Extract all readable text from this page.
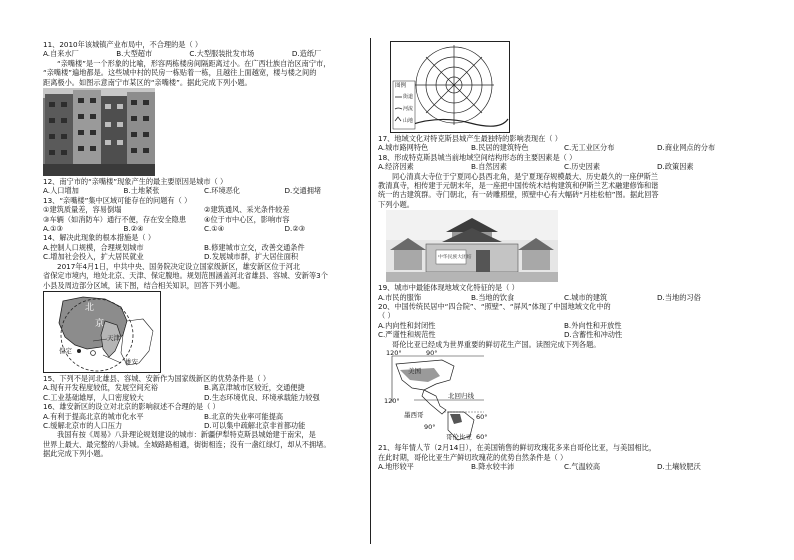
11、2010年该城镇产业布局中，不合理的是（ ）
A.自来水厂	B.大型超市	C.大型服装批发市场	D.造纸厂
“亲嘴楼”是一个形象的比喻，形容两栋楼房间隔距离过小。在广西壮族自治区南宁市，
“亲嘴楼”遍地都是。这些城中村的民房一栋贴着一栋，且越往上面越宽，楼与楼之间的
距离极小。如图示意南宁市某区的“亲嘴楼”。据此完成下列小题。
12、南宁市的“亲嘴楼”现象产生的最主要原因是城市（ ）
A.人口增加	B.土地紧张	C.环境恶化	D.交通拥堵
13、“亲嘴楼”集中区域可能存在的问题有（ ）
①建筑质量差，容易倒塌	②建筑通风、采光条件较差
③车辆（如消防车）通行不便，存在安全隐患	④位于市中心区，影响市容
A.①③	B.②④	C.①④	D.②③
14、解决此现象的根本措施是（ ）
A.控制人口规模，合理规划城市	B.修建城市立交，改善交通条件
C.增加社会投入，扩大居民就业	D.发展城市群，扩大居住面积
2017年4月1日，中共中央、国务院决定设立国家级新区，雄安新区位于河北
省保定市境内，地处北京、天津、保定腹地。规划范围涵盖河北省雄县、容城、安新等3个
小县及周边部分区域，读下图，结合相关知识，回答下列小题。
北
京
天津
保定
雄安
15、下列不是河北雄县、容城、安新作为国家级新区的优势条件是（ ）
A.现有开发程度较低，发展空间充裕	B.离京津城市区较近，交通便捷
C.工业基础雄厚，人口密度较大	D.生态环境优良、环境承载能力较强
16、雄安新区的设立对北京的影响叙述不合理的是（ ）
A.有利于提高北京的城市化水平	B.北京的失业率可能提高
C.缓解北京市的人口压力	D.可以集中疏解北京非首都功能
我国有按《周易》八卦理论规划建设的城市：新疆伊犁特克斯县城始建于南宋，是
世界上最大、最完整的八卦城。全城路路相通，街街相连；没有一盏红绿灯，却从不拥堵。
据此完成下列小题。
图例
街道
河流
山地
17、地域文化对特克斯县城产生最独特的影响表现在（ ）
A.城市路网特色	B.民居的建筑特色	C.无工业区分布	D.商业网点的分布
18、形成特克斯县城当前地域空间结构形态的主要因素是（ ）
A.经济因素	B.自然因素	C.历史因素	D.政策因素
同心清真大寺位于宁夏同心县西北角，是宁夏现存规模最大、历史最久的一座伊斯兰
教清真寺，相传建于元朝末年，是一座把中国传统木结构建筑和伊斯兰艺术融建修饰和谐
统一的古建筑群。寺门朝北，有一砖雕照壁，照壁中心有大幅砖“月桂松柏”图。据此回答
下列小题。
中华民族大团结
19、城市中最能体现地域文化特征的是（ ）
A.市民的服饰	B.当地的饮食	C.城市的建筑	D.当地的习俗
20、中国传统民居中“四合院”、“照壁”、“屏风”体现了中国地域文化中的
（ ）
A.内向性和封闭性	B.外向性和开放性
C.严谨性和规范性	D.含蓄性和冲动性
哥伦比亚已经成为世界重要的鲜切花生产国。读图完成下列各题。
120°	90°
120°
美国
墨西哥
北回归线
90°
60°
哥伦比亚 60°
21、每年情人节（2月14日），在美国销售的鲜切玫瑰花多来自哥伦比亚，与美国相比，
在此时期，哥伦比亚生产鲜切玫瑰花的优势自然条件是（ ）
A.地形较平	B.降水较丰沛	C.气温较高	D.土壤较肥沃
